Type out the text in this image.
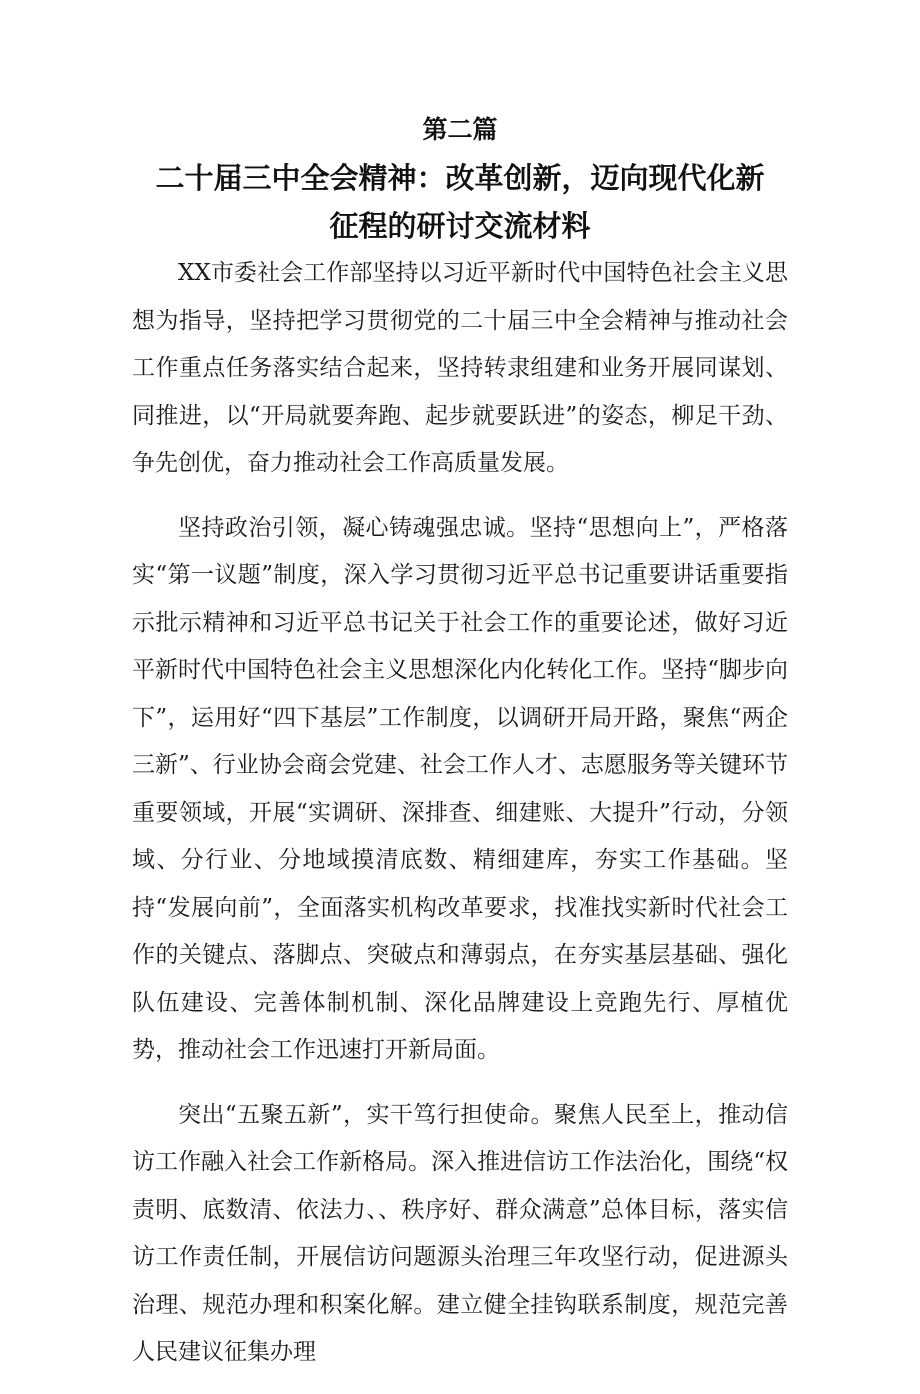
第二篇
二十届三中全会精神：改革创新，迈向现代化新征程的研讨交流材料

XX市委社会工作部坚持以习近平新时代中国特色社会主义思想为指导，坚持把学习贯彻党的二十届三中全会精神与推动社会工作重点任务落实结合起来，坚持转隶组建和业务开展同谋划、同推进，以“开局就要奔跑、起步就要跃进”的姿态，柳足干劲、争先创优，奋力推动社会工作高质量发展。

坚持政治引领，凝心铸魂强忠诚。坚持“思想向上”，严格落实“第一议题”制度，深入学习贯彻习近平总书记重要讲话重要指示批示精神和习近平总书记关于社会工作的重要论述，做好习近平新时代中国特色社会主义思想深化内化转化工作。坚持“脚步向下”，运用好“四下基层”工作制度，以调研开局开路，聚焦“两企三新”、行业协会商会党建、社会工作人才、志愿服务等关键环节重要领域，开展“实调研、深排查、细建账、大提升”行动，分领域、分行业、分地域摸清底数、精细建库，夯实工作基础。坚持“发展向前”，全面落实机构改革要求，找准找实新时代社会工作的关键点、落脚点、突破点和薄弱点，在夯实基层基础、强化队伍建设、完善体制机制、深化品牌建设上竞跑先行、厚植优势，推动社会工作迅速打开新局面。

突出“五聚五新”，实干笃行担使命。聚焦人民至上，推动信访工作融入社会工作新格局。深入推进信访工作法治化，围绕“权责明、底数清、依法力、、秩序好、群众满意”总体目标，落实信访工作责任制，开展信访问题源头治理三年攻坚行动，促进源头治理、规范办理和积案化解。建立健全挂钩联系制度，规范完善人民建议征集办理
